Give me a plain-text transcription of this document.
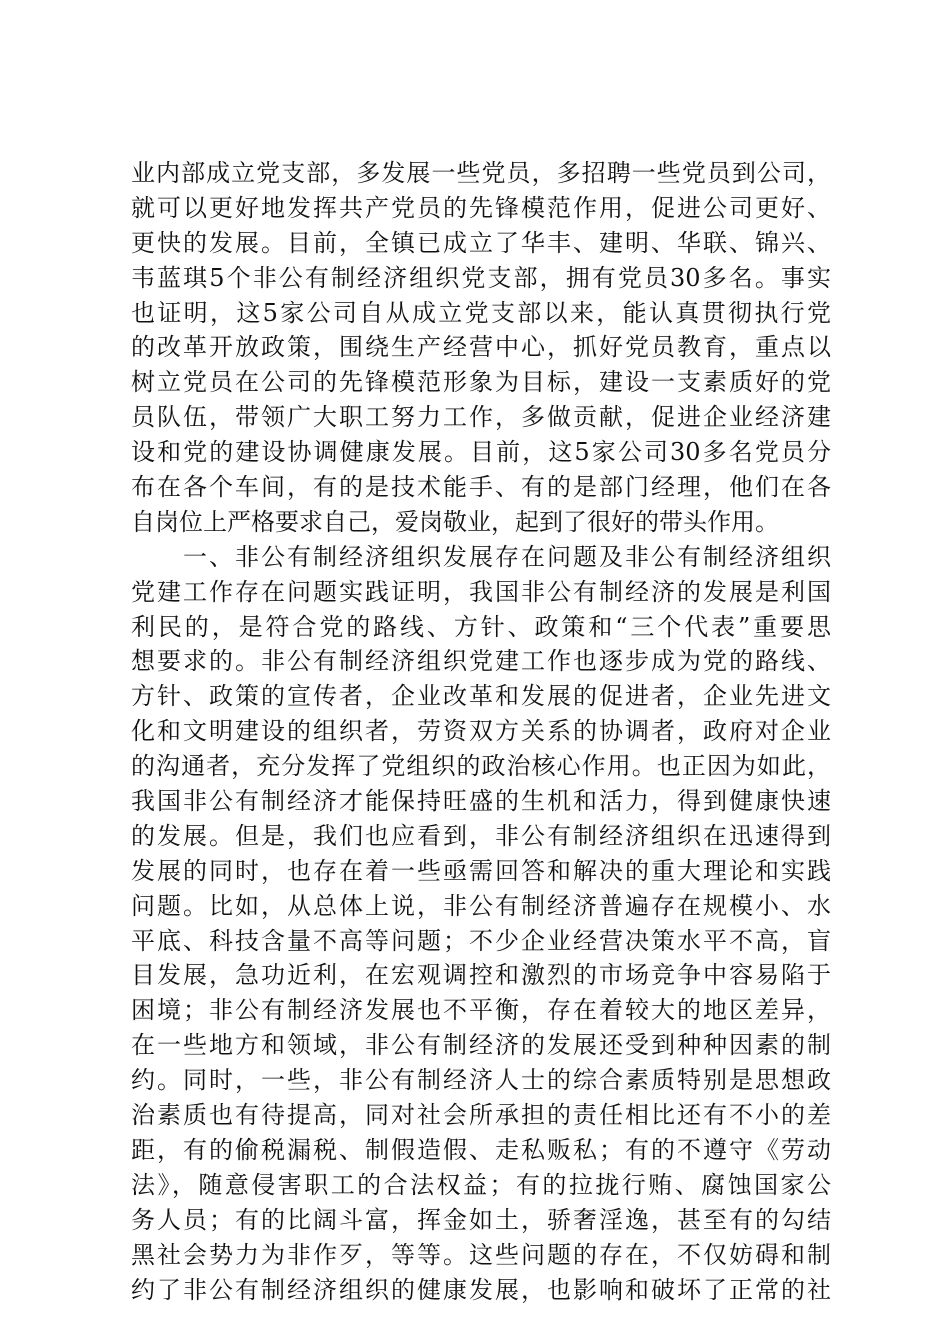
业内部成立党支部，多发展一些党员，多招聘一些党员到公司，
就可以更好地发挥共产党员的先锋模范作用，促进公司更好、
更快的发展。目前，全镇已成立了华丰、建明、华联、锦兴、
韦蓝琪5个非公有制经济组织党支部，拥有党员30多名。事实
也证明，这5家公司自从成立党支部以来，能认真贯彻执行党
的改革开放政策，围绕生产经营中心，抓好党员教育，重点以
树立党员在公司的先锋模范形象为目标，建设一支素质好的党
员队伍，带领广大职工努力工作，多做贡献，促进企业经济建
设和党的建设协调健康发展。目前，这5家公司30多名党员分
布在各个车间，有的是技术能手、有的是部门经理，他们在各
自岗位上严格要求自己，爱岗敬业，起到了很好的带头作用。
　　一、非公有制经济组织发展存在问题及非公有制经济组织
党建工作存在问题实践证明，我国非公有制经济的发展是利国
利民的，是符合党的路线、方针、政策和“三个代表”重要思
想要求的。非公有制经济组织党建工作也逐步成为党的路线、
方针、政策的宣传者，企业改革和发展的促进者，企业先进文
化和文明建设的组织者，劳资双方关系的协调者，政府对企业
的沟通者，充分发挥了党组织的政治核心作用。也正因为如此，
我国非公有制经济才能保持旺盛的生机和活力，得到健康快速
的发展。但是，我们也应看到，非公有制经济组织在迅速得到
发展的同时，也存在着一些亟需回答和解决的重大理论和实践
问题。比如，从总体上说，非公有制经济普遍存在规模小、水
平底、科技含量不高等问题；不少企业经营决策水平不高，盲
目发展，急功近利，在宏观调控和激烈的市场竞争中容易陷于
困境；非公有制经济发展也不平衡，存在着较大的地区差异，
在一些地方和领域，非公有制经济的发展还受到种种因素的制
约。同时，一些，非公有制经济人士的综合素质特别是思想政
治素质也有待提高，同对社会所承担的责任相比还有不小的差
距，有的偷税漏税、制假造假、走私贩私；有的不遵守《劳动
法》，随意侵害职工的合法权益；有的拉拢行贿、腐蚀国家公
务人员；有的比阔斗富，挥金如土，骄奢淫逸，甚至有的勾结
黑社会势力为非作歹，等等。这些问题的存在，不仅妨碍和制
约了非公有制经济组织的健康发展，也影响和破坏了正常的社
